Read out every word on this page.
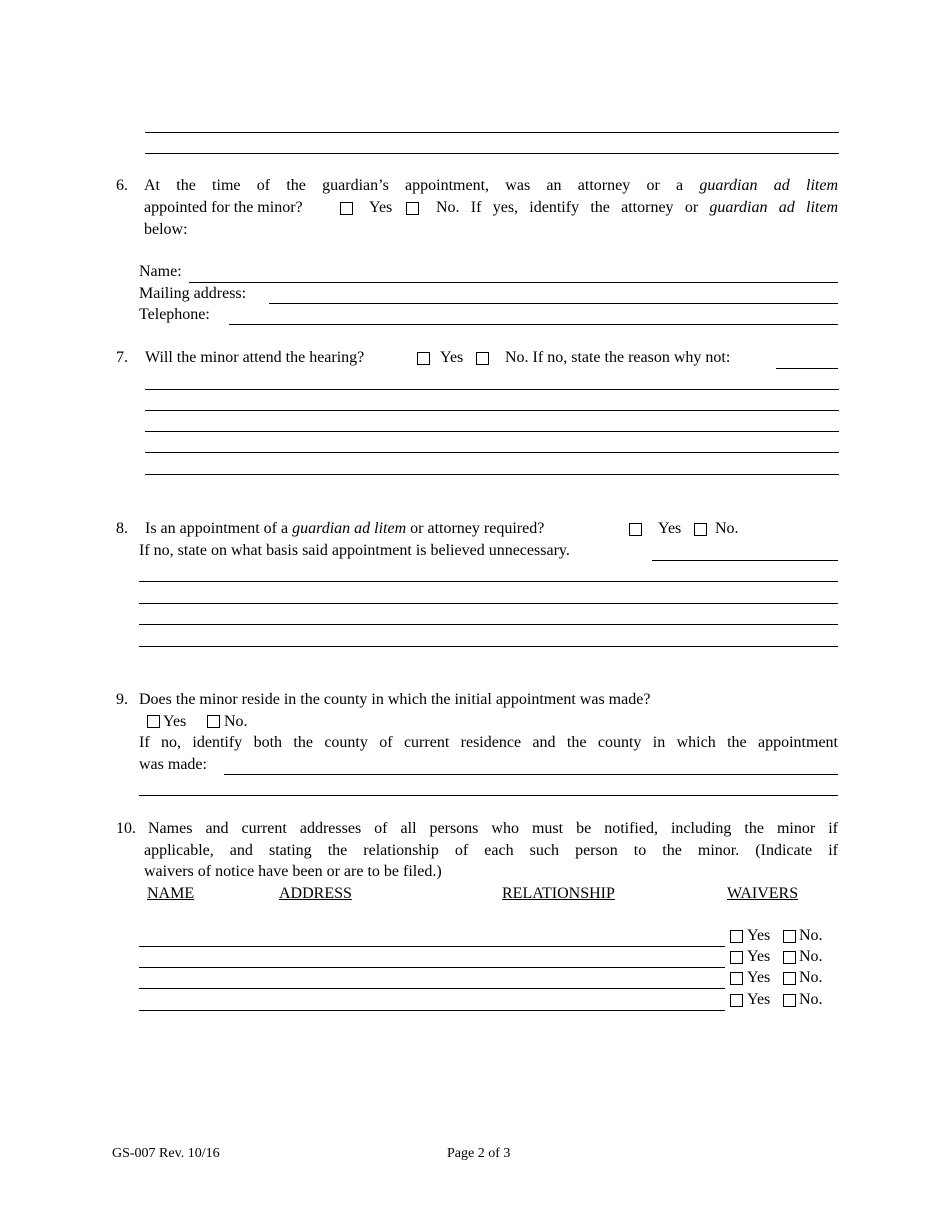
6. At the time of the guardian’s appointment, was an attorney or a guardian ad litem
appointed for the minor?	Yes	No. If yes, identify the attorney or guardian ad litem
below:
Name:
Mailing address:
Telephone:
7. Will the minor attend the hearing?	Yes	No. If no, state the reason why not:
8. Is an appointment of a guardian ad litem or attorney required?	Yes No.
If no, state on what basis said appointment is believed unnecessary.
9. Does the minor reside in the county in which the initial appointment was made?
Yes No.
If no, identify both the county of current residence and the county in which the appointment
was made:
10. Names and current addresses of all persons who must be notified, including the minor if
applicable, and stating the relationship of each such person to the minor. (Indicate if
waivers of notice have been or are to be filed.)
NAME	ADDRESS	RELATIONSHIP	WAIVERS
Yes No.
Yes No.
Yes No.
Yes No.
GS-007 Rev. 10/16	Page 2 of 3
